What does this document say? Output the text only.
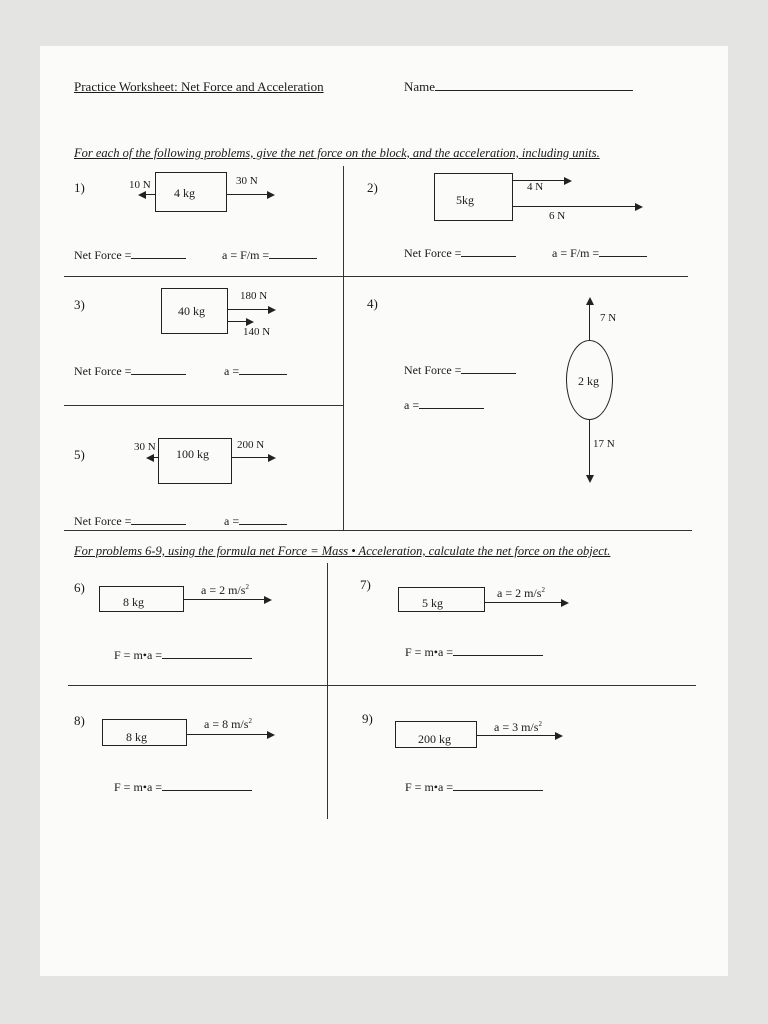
Practice Worksheet: Net Force and Acceleration	Name
For each of the following problems, give the net force on the block, and the acceleration, including units.
1)	4 kg
10 N	30 N
Net Force =	a = F/m =
2)
5kg
4 N
6 N
Net Force =	a = F/m =
3)	40 kg
180 N
140 N
Net Force =	a =
4)
7 N
2 kg
17 N
Net Force =
a =
5)	100 kg
30 N	200 N
Net Force =	a =
For problems 6-9, using the formula net Force = Mass • Acceleration, calculate the net force on the object.
6)
8 kg
a = 2 $m/s^2$
F = m•a =
7)
5 kg
a = 2 $m/s^2$
F = m•a =
8)
8 kg
a = 8 $m/s^2$
F = m•a =
9)
200 kg
a = 3 $m/s^2$
F = m•a =
